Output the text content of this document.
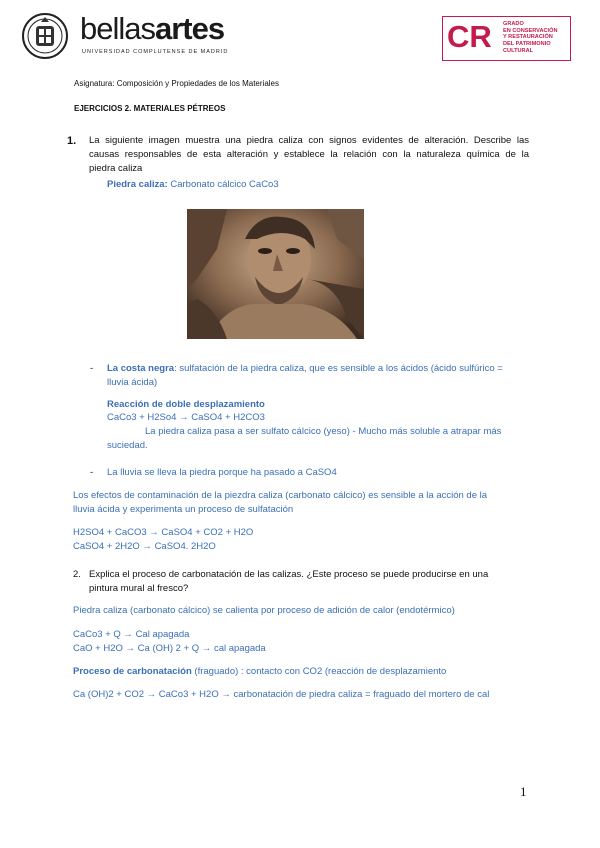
bellasartes
UNIVERSIDAD COMPLUTENSE DE MADRID	CR GRADO
EN CONSERVACIÓN
Y RESTAURACIÓN
DEL PATRIMONIO
CULTURAL
Asignatura: Composición y Propiedades de los Materiales
EJERCICIOS 2. MATERIALES PÉTREOS
1. La siguiente imagen muestra una piedra caliza con signos evidentes de alteración. Describe las
causas responsables de esta alteración y establece la relación con la naturaleza química de la
piedra caliza
Piedra caliza: Carbonato cálcico CaCo3
- La costa negra: sulfatación de la piedra caliza, que es sensible a los ácidos (ácido sulfúrico =
lluvia ácida)
Reacción de doble desplazamiento
CaCo3 + H2So4 → CaSO4 + H2CO3
La piedra caliza pasa a ser sulfato cálcico (yeso) - Mucho más soluble a atrapar más
suciedad.
- La lluvia se lleva la piedra porque ha pasado a CaSO4
Los efectos de contaminación de la piezdra caliza (carbonato cálcico) es sensible a la acción de la
lluvia ácida y experimenta un proceso de sulfatación
H2SO4 + CaCO3 → CaSO4 + CO2 + H2O
CaSO4 + 2H2O → CaSO4. 2H2O
2. Explica el proceso de carbonatación de las calizas. ¿Este proceso se puede producirse en una
pintura mural al fresco?
Piedra caliza (carbonato cálcico) se calienta por proceso de adición de calor (endotérmico)
CaCo3 + Q → Cal apagada
CaO + H2O → Ca (OH) 2 + Q → cal apagada
Proceso de carbonatación (fraguado) : contacto con CO2 (reacción de desplazamiento
Ca (OH)2 + CO2 → CaCo3 + H2O → carbonatación de piedra caliza = fraguado del mortero de cal
1
